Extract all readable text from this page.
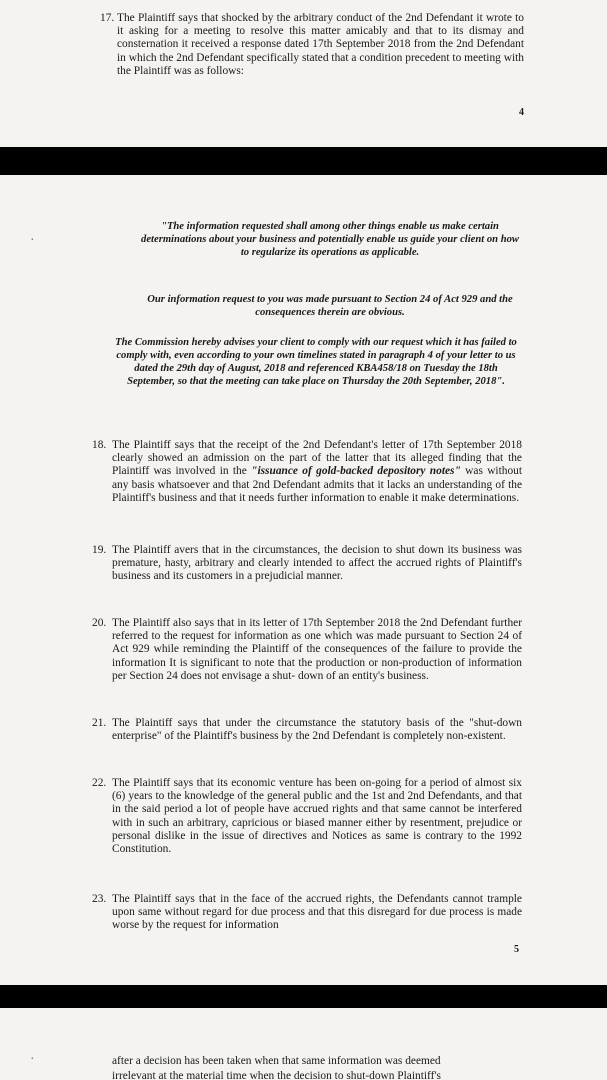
17. The Plaintiff says that shocked by the arbitrary conduct of the 2nd Defendant it wrote to it asking for a meeting to resolve this matter amicably and that to its dismay and consternation it received a response dated 17th September 2018 from the 2nd Defendant in which the 2nd Defendant specifically stated that a condition precedent to meeting with the Plaintiff was as follows:
4
"The information requested shall among other things enable us make certain determinations about your business and potentially enable us guide your client on how to regularize its operations as applicable.
Our information request to you was made pursuant to Section 24 of Act 929 and the consequences therein are obvious.
The Commission hereby advises your client to comply with our request which it has failed to comply with, even according to your own timelines stated in paragraph 4 of your letter to us dated the 29th day of August, 2018 and referenced KBA458/18 on Tuesday the 18th September, so that the meeting can take place on Thursday the 20th September, 2018".
18. The Plaintiff says that the receipt of the 2nd Defendant's letter of 17th September 2018 clearly showed an admission on the part of the latter that its alleged finding that the Plaintiff was involved in the "issuance of gold-backed depository notes" was without any basis whatsoever and that 2nd Defendant admits that it lacks an understanding of the Plaintiff's business and that it needs further information to enable it make determinations.
19. The Plaintiff avers that in the circumstances, the decision to shut down its business was premature, hasty, arbitrary and clearly intended to affect the accrued rights of Plaintiff's business and its customers in a prejudicial manner.
20. The Plaintiff also says that in its letter of 17th September 2018 the 2nd Defendant further referred to the request for information as one which was made pursuant to Section 24 of Act 929 while reminding the Plaintiff of the consequences of the failure to provide the information It is significant to note that the production or non-production of information per Section 24 does not envisage a shut- down of an entity's business.
21. The Plaintiff says that under the circumstance the statutory basis of the "shut-down enterprise" of the Plaintiff's business by the 2nd Defendant is completely non-existent.
22. The Plaintiff says that its economic venture has been on-going for a period of almost six (6) years to the knowledge of the general public and the 1st and 2nd Defendants, and that in the said period a lot of people have accrued rights and that same cannot be interfered with in such an arbitrary, capricious or biased manner either by resentment, prejudice or personal dislike in the issue of directives and Notices as same is contrary to the 1992 Constitution.
23. The Plaintiff says that in the face of the accrued rights, the Defendants cannot trample upon same without regard for due process and that this disregard for due process is made worse by the request for information
5
·
·	after a decision has been taken when that same information was deemed
irrelevant at the material time when the decision to shut-down Plaintiff's
